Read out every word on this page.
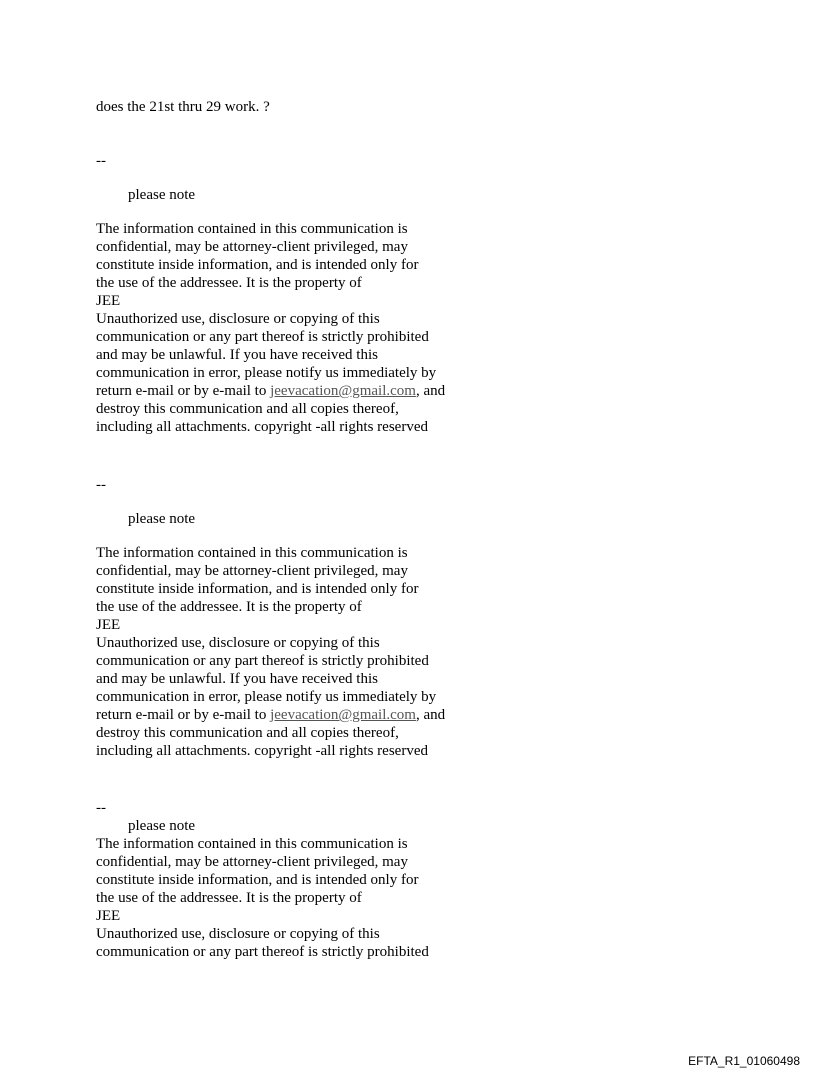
does the 21st thru 29 work. ?
--
please note
The information contained in this communication is
confidential, may be attorney-client privileged, may
constitute inside information, and is intended only for
the use of the addressee. It is the property of
JEE
Unauthorized use, disclosure or copying of this
communication or any part thereof is strictly prohibited
and may be unlawful. If you have received this
communication in error, please notify us immediately by
return e-mail or by e-mail to jeevacation@gmail.com, and
destroy this communication and all copies thereof,
including all attachments. copyright -all rights reserved
--
please note
The information contained in this communication is
confidential, may be attorney-client privileged, may
constitute inside information, and is intended only for
the use of the addressee. It is the property of
JEE
Unauthorized use, disclosure or copying of this
communication or any part thereof is strictly prohibited
and may be unlawful. If you have received this
communication in error, please notify us immediately by
return e-mail or by e-mail to jeevacation@gmail.com, and
destroy this communication and all copies thereof,
including all attachments. copyright -all rights reserved
--
please note
The information contained in this communication is
confidential, may be attorney-client privileged, may
constitute inside information, and is intended only for
the use of the addressee. It is the property of
JEE
Unauthorized use, disclosure or copying of this
communication or any part thereof is strictly prohibited
EFTA_R1_01060498
